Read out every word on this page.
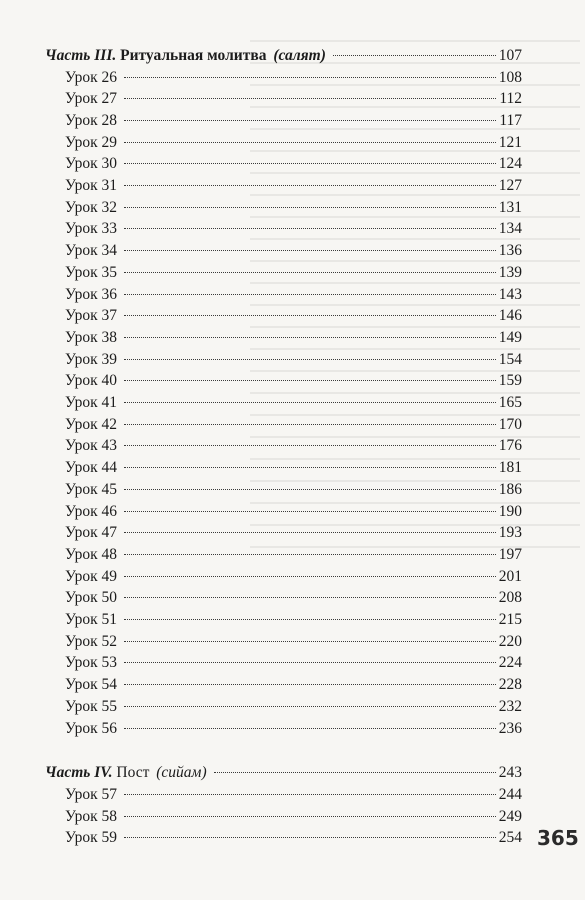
Часть III. Ритуальная молитва (салят)	107
Урок 26	108
Урок 27	112
Урок 28	117
Урок 29	121
Урок 30	124
Урок 31	127
Урок 32	131
Урок 33	134
Урок 34	136
Урок 35	139
Урок 36	143
Урок 37	146
Урок 38	149
Урок 39	154
Урок 40	159
Урок 41	165
Урок 42	170
Урок 43	176
Урок 44	181
Урок 45	186
Урок 46	190
Урок 47	193
Урок 48	197
Урок 49	201
Урок 50	208
Урок 51	215
Урок 52	220
Урок 53	224
Урок 54	228
Урок 55	232
Урок 56	236
Часть IV. Пост (сийам)	243
Урок 57	244
Урок 58	249
Урок 59	254 365
